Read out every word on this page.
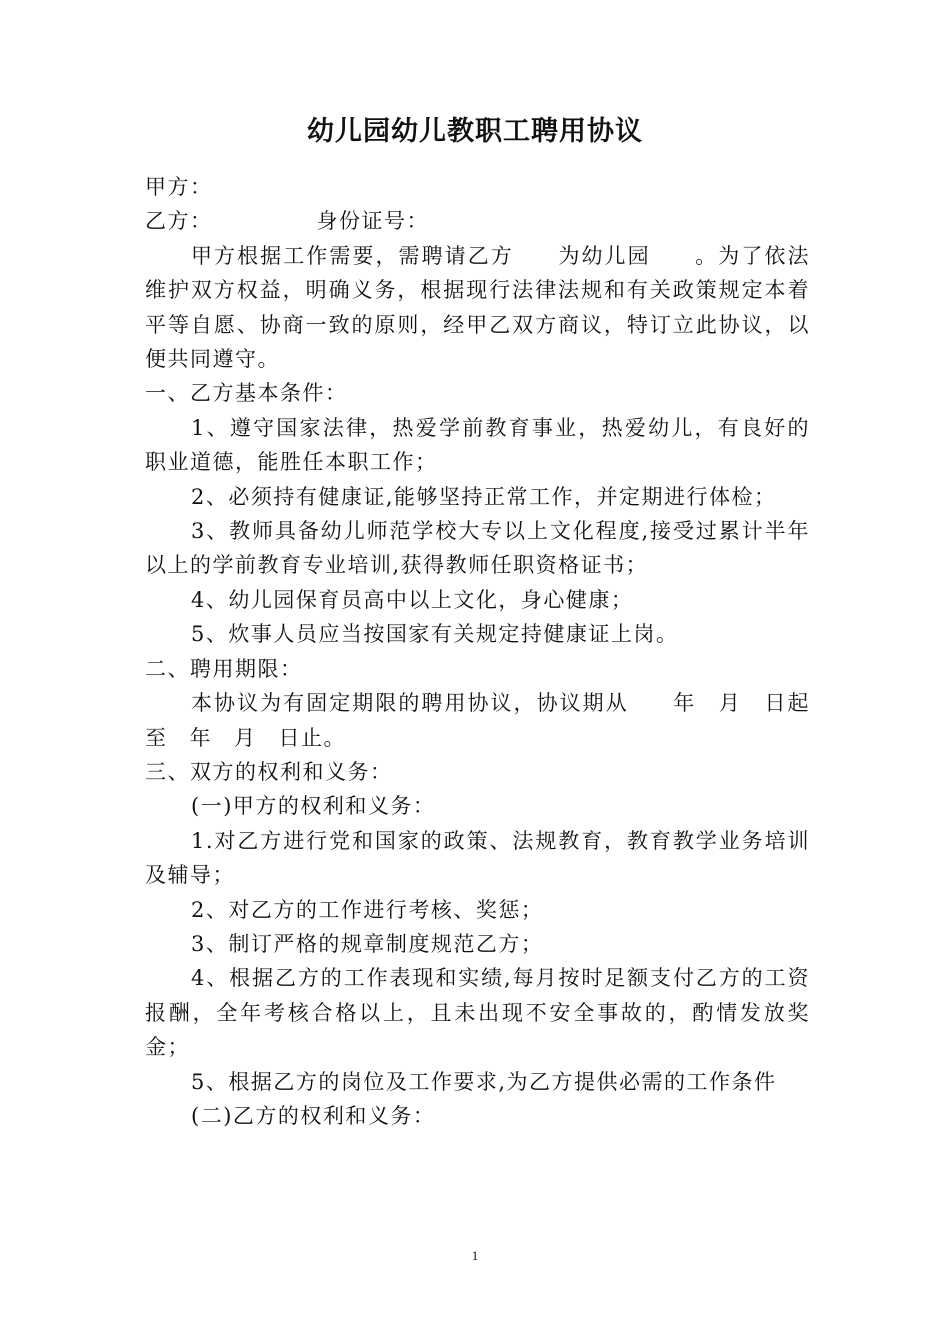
幼儿园幼儿教职工聘用协议

甲方：

乙方：	身份证号：

甲方根据工作需要，需聘请乙方 为幼儿园 。为了依法维护双方权益，明确义务，根据现行法律法规和有关政策规定本着平等自愿、协商一致的原则，经甲乙双方商议，特订立此协议，以便共同遵守。

一、乙方基本条件：

1、遵守国家法律，热爱学前教育事业，热爱幼儿，有良好的职业道德，能胜任本职工作；

2、必须持有健康证,能够坚持正常工作，并定期进行体检；

3、教师具备幼儿师范学校大专以上文化程度,接受过累计半年以上的学前教育专业培训,获得教师任职资格证书；

4、幼儿园保育员高中以上文化，身心健康；

5、炊事人员应当按国家有关规定持健康证上岗。

二、聘用期限：

本协议为有固定期限的聘用协议，协议期从 年 月 日起至 年 月 日止。

三、双方的权利和义务：

(一)甲方的权利和义务：

1.对乙方进行党和国家的政策、法规教育，教育教学业务培训及辅导；

2、对乙方的工作进行考核、奖惩；

3、制订严格的规章制度规范乙方；

4、根据乙方的工作表现和实绩,每月按时足额支付乙方的工资报酬，全年考核合格以上，且未出现不安全事故的，酌情发放奖金；

5、根据乙方的岗位及工作要求,为乙方提供必需的工作条件

(二)乙方的权利和义务：

1
